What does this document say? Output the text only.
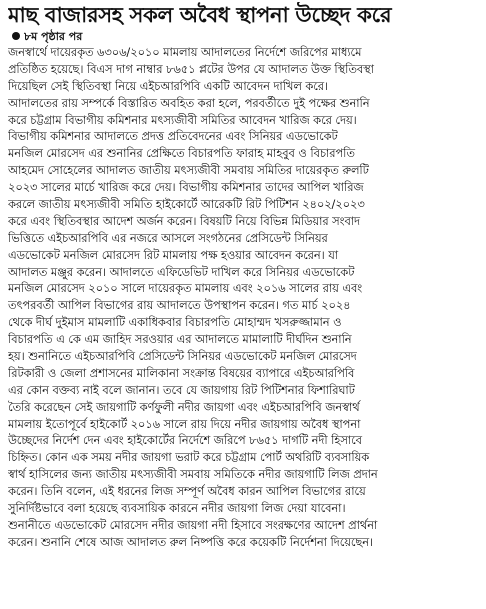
মাছ বাজারসহ সকল অবৈধ স্থাপনা উচ্ছেদ করে
৮ম পৃষ্ঠার পর
জনস্বার্থে দায়েরকৃত ৬৩০৬/২০১০ মামলায় আদালতের নির্দেশে জরিপের মাধ্যমে
প্রতিষ্ঠিত হয়েছে। বিএস দাগ নাম্বার ৮৬৫১ প্লটের উপর যে আদালত উক্ত স্থিতিবস্থা
দিয়েছিল সেই স্থিতিবস্থা নিয়ে এইচআরপিবি একটি আবেদন দাখিল করে।
আদালতের রায় সম্পর্কে বিস্তারিত অবহিত করা হলে, পরবর্তীতে দুই পক্ষের শুনানি
করে চট্টগ্রাম বিভাগীয় কমিশনার মৎস্যজীবী সমিতির আবেদন খারিজ করে দেয়।
বিভাগীয় কমিশনার আদালতে প্রদত্ত প্রতিবেদনের এবং সিনিয়র এডভোকেট
মনজিল মোরসেদ এর শুনানির প্রেক্ষিতে বিচারপতি ফারাহ মাহবুব ও বিচারপতি
আহমেদ সোহেলের আদালত জাতীয় মৎস্যজীবী সমবায় সমিতির দায়েরকৃত রুলটি
২০২৩ সালের মার্চে খারিজ করে দেয়। বিভাগীয় কমিশনার তাদের আপিল খারিজ
করলে জাতীয় মৎস্যজীবী সমিতি হাইকোর্টে আরেকটি রিট পিটিশন ২৪০২/২০২৩
করে এবং স্থিতিবস্থার আদেশ অর্জন করেন। বিষয়টি নিয়ে বিভিন্ন মিডিয়ার সংবাদ
ভিত্তিতে এইচআরপিবি এর নজরে আসলে সংগঠনের প্রেসিডেন্ট সিনিয়র
এডভোকেট মনজিল মোরসেদ রিট মামলায় পক্ষ হওয়ার আবেদন করেন। যা
আদালত মঞ্জুর করেন। আদালতে এফিডেভিট দাখিল করে সিনিয়র এডভোকেট
মনজিল মোরসেদ ২০১০ সালে দায়েরকৃত মামলায় এবং ২০১৬ সালের রায় এবং
তৎপরবর্তী আপিল বিভাগের রায় আদালতে উপস্থাপন করেন। গত মার্চ ২০২৪
থেকে দীর্ঘ দুইমাস মামলাটি একাধিকবার বিচারপতি মোহাম্মদ খসরুজ্জামান ও
বিচারপতি এ কে এম জাহিদ সরওয়ার এর আদালতে মামালাটি দীর্ঘদিন শুনানি
হয়। শুনানিতে এইচআরপিবি প্রেসিডেন্ট সিনিয়র এডভোকেট মনজিল মোরসেদ
রিটকারী ও জেলা প্রশাসনের মালিকানা সংক্রান্ত বিষয়ের ব্যাপারে এইচআরপিবি
এর কোন বক্তব্য নাই বলে জানান। তবে যে জায়গায় রিট পিটিশনার ফিশারিঘাট
তৈরি করেছেন সেই জায়গাটি কর্ণফুলী নদীর জায়গা এবং এইচআরপিবি জনস্বার্থ
মামলায় ইতোপূর্বে হাইকোর্ট ২০১৬ সালে রায় দিয়ে নদীর জায়গায় অবৈধ স্থাপনা
উচ্ছেদের নির্দেশ দেন এবং হাইকোর্টের নির্দেশে জরিপে ৮৬৫১ দাগটি নদী হিসাবে
চিহ্নিত। কোন এক সময় নদীর জায়গা ভরাট করে চট্টগ্রাম পোর্ট অথরিটি ব্যবসায়িক
স্বার্থ হাসিলের জন্য জাতীয় মৎস্যজীবী সমবায় সমিতিকে নদীর জায়গাটি লিজ প্রদান
করেন। তিনি বলেন, এই ধরনের লিজ সম্পূর্ণ অবৈধ কারন আপিল বিভাগের রায়ে
সুনির্দিষ্টভাবে বলা হয়েছে ব্যবসায়িক কারনে নদীর জায়গা লিজ দেয়া যাবেনা।
শুনানীতে এডভোকেট মোরসেদ নদীর জায়গা নদী হিসাবে সংরক্ষণের আদেশ প্রার্থনা
করেন। শুনানি শেষে আজ আদালত রুল নিষ্পত্তি করে কয়েকটি নির্দেশনা দিয়েছেন।
